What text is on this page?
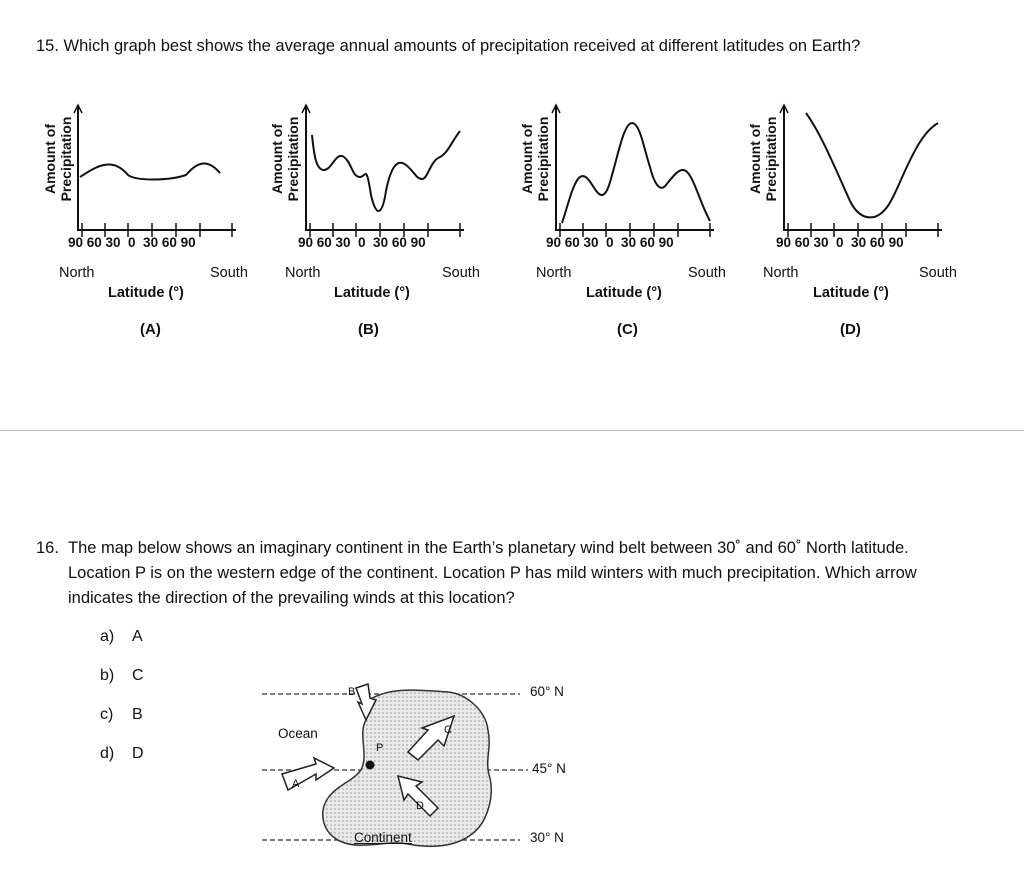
15. Which graph best shows the average annual amounts of precipitation received at different latitudes on Earth?
Amount of Precipitation
90 60 30  0  30 60 90
North	South
Latitude (°)
(A)
Amount of Precipitation
90 60 30  0  30 60 90
North	South
Latitude (°)
(B)
Amount of Precipitation
90 60 30  0  30 60 90
North	South
Latitude (°)
(C)
Amount of Precipitation
90 60 30  0  30 60 90
North	South
Latitude (°)
(D)
16. The map below shows an imaginary continent in the Earth’s planetary wind belt between 30˚ and 60˚ North latitude. Location P is on the western edge of the continent. Location P has mild winters with much precipitation. Which arrow indicates the direction of the prevailing winds at this location?
a) A
b) C
c) B
d) D
Ocean
Continent
60° N
45° N
30° N
B
A
C
D
P
